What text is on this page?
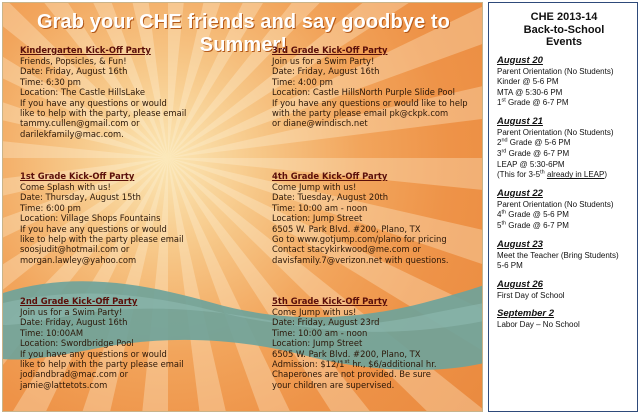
Grab your CHE friends and say goodbye to Summer!
Kindergarten Kick-Off Party
Friends, Popsicles, & Fun!
Date: Friday, August 16th
Time: 6:30 pm
Location: The Castle HillsLake
If you have any questions or would
like to help with the party, please email
tammy.cullen@gmail.com or
darilekfamily@mac.com.
3rd Grade Kick-Off Party
Join us for a Swim Party!
Date: Friday, August 16th
Time: 4:00 pm
Location: Castle HillsNorth Purple Slide Pool
If you have any questions or would like to help
with the party please email pk@ckpk.com
or diane@windisch.net
1st Grade Kick-Off Party
Come Splash with us!
Date: Thursday, August 15th
Time: 6:00 pm
Location: Village Shops Fountains
If you have any questions or would
like to help with the party please email
soosjudit@hotmail.com or
morgan.lawley@yahoo.com
4th Grade Kick-Off Party
Come Jump with us!
Date: Tuesday, August 20th
Time: 10:00 am - noon
Location: Jump Street
6505 W. Park Blvd. #200, Plano, TX
Go to www.gotjump.com/plano for pricing
Contact stacykirkwood@me.com or
davisfamily.7@verizon.net with questions.
2nd Grade Kick-Off Party
Join us for a Swim Party!
Date: Friday, August 16th
Time: 10:00AM
Location: Swordbridge Pool
If you have any questions or would
like to help with the party please email
jodiandbrad@mac.com or
jamie@lattetots.com
5th Grade Kick-Off Party
Come Jump with us!
Date: Friday, August 23rd
Time: 10:00 am - noon
Location: Jump Street
6505 W. Park Blvd. #200, Plano, TX
Admission: $12/1st hr., $6/additional hr.
Chaperones are not provided. Be sure
your children are supervised.
CHE 2013-14
Back-to-School
Events
August 20
Parent Orientation (No Students)
Kinder @ 5-6 PM
MTA @ 5:30-6 PM
1st Grade @ 6-7 PM
August 21
Parent Orientation (No Students)
2nd Grade @ 5-6 PM
3rd Grade @ 6-7 PM
LEAP @ 5:30-6PM
(This for 3-5th already in LEAP)
August 22
Parent Orientation (No Students)
4th Grade @ 5-6 PM
5th Grade @ 6-7 PM
August 23
Meet the Teacher (Bring Students)
5-6 PM
August 26
First Day of School
September 2
Labor Day – No School
